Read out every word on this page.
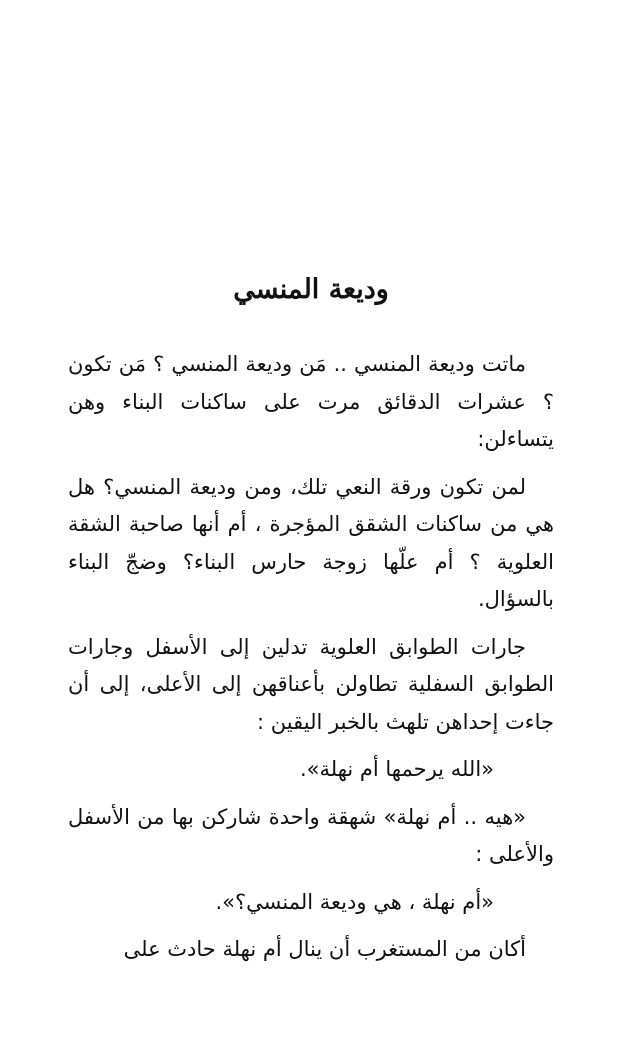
وديعة المنسي

ماتت وديعة المنسي .. مَن وديعة المنسي ؟ مَن تكون ؟ عشرات الدقائق مرت على ساكنات البناء وهن يتساءلن:

لمن تكون ورقة النعي تلك، ومن وديعة المنسي؟ هل هي من ساكنات الشقق المؤجرة ، أم أنها صاحبة الشقة العلوية ؟ أم علّها زوجة حارس البناء؟ وضجّ البناء بالسؤال.

جارات الطوابق العلوية تدلين إلى الأسفل وجارات الطوابق السفلية تطاولن بأعناقهن إلى الأعلى، إلى أن جاءت إحداهن تلهث بالخبر اليقين :

«الله يرحمها أم نهلة».

«هيه .. أم نهلة» شهقة واحدة شاركن بها من الأسفل والأعلى :

«أم نهلة ، هي وديعة المنسي؟».

أكان من المستغرب أن ينال أم نهلة حادث على
